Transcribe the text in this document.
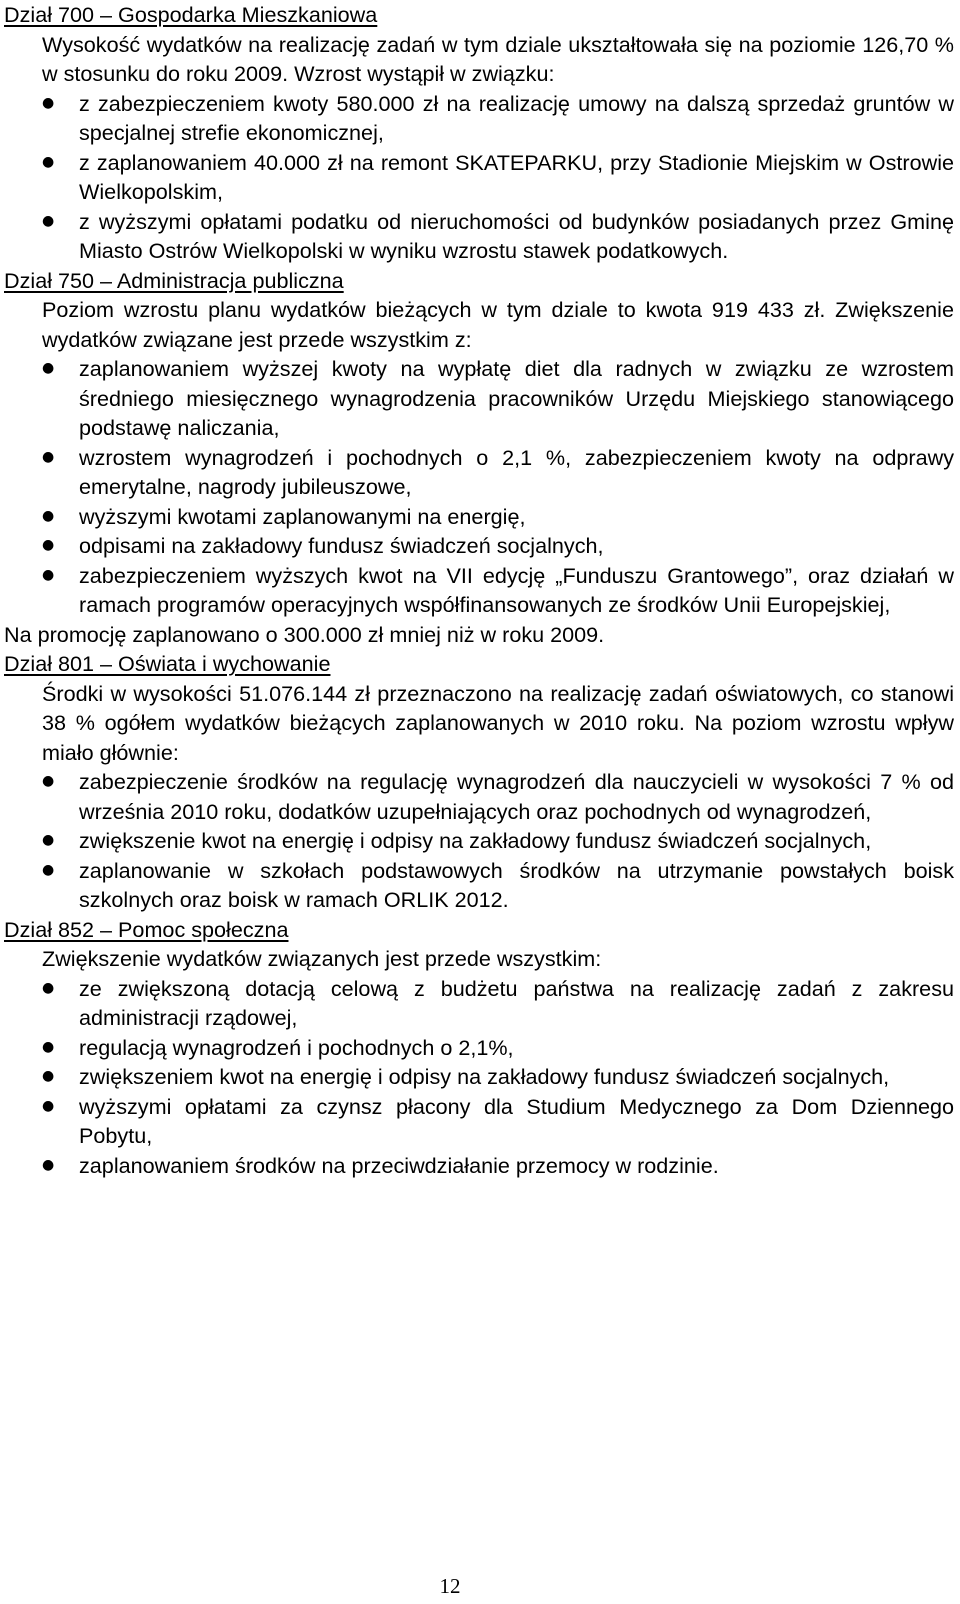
Dział 700 – Gospodarka Mieszkaniowa
Wysokość wydatków na realizację zadań w tym dziale ukształtowała się na poziomie 126,70 % w stosunku do roku 2009. Wzrost wystąpił w związku:
● z zabezpieczeniem kwoty 580.000 zł na realizację umowy na dalszą sprzedaż gruntów w specjalnej strefie ekonomicznej,
● z zaplanowaniem 40.000 zł na remont SKATEPARKU, przy Stadionie Miejskim w Ostrowie Wielkopolskim,
● z wyższymi opłatami podatku od nieruchomości od budynków posiadanych przez Gminę Miasto Ostrów Wielkopolski w wyniku wzrostu stawek podatkowych.
Dział 750 – Administracja publiczna
Poziom wzrostu planu wydatków bieżących w tym dziale to kwota 919 433 zł. Zwiększenie wydatków związane jest przede wszystkim z:
● zaplanowaniem wyższej kwoty na wypłatę diet dla radnych w związku ze wzrostem średniego miesięcznego wynagrodzenia pracowników Urzędu Miejskiego stanowiącego podstawę naliczania,
● wzrostem wynagrodzeń i pochodnych o 2,1 %, zabezpieczeniem kwoty na odprawy emerytalne, nagrody jubileuszowe,
● wyższymi kwotami zaplanowanymi na energię,
● odpisami na zakładowy fundusz świadczeń socjalnych,
● zabezpieczeniem wyższych kwot na VII edycję „Funduszu Grantowego”, oraz działań w ramach programów operacyjnych współfinansowanych ze środków Unii Europejskiej,
Na promocję zaplanowano o 300.000 zł mniej niż w roku 2009.
Dział 801 – Oświata i wychowanie
Środki w wysokości 51.076.144 zł przeznaczono na realizację zadań oświatowych, co stanowi 38 % ogółem wydatków bieżących zaplanowanych w 2010 roku. Na poziom wzrostu wpływ miało głównie:
● zabezpieczenie środków na regulację wynagrodzeń dla nauczycieli w wysokości 7 % od września 2010 roku, dodatków uzupełniających oraz pochodnych od wynagrodzeń,
● zwiększenie kwot na energię i odpisy na zakładowy fundusz świadczeń socjalnych,
● zaplanowanie w szkołach podstawowych środków na utrzymanie powstałych boisk szkolnych oraz boisk w ramach ORLIK 2012.
Dział 852 – Pomoc społeczna
Zwiększenie wydatków związanych jest przede wszystkim:
● ze zwiększoną dotacją celową z budżetu państwa na realizację zadań z zakresu administracji rządowej,
● regulacją wynagrodzeń i pochodnych o 2,1%,
● zwiększeniem kwot na energię i odpisy na zakładowy fundusz świadczeń socjalnych,
● wyższymi opłatami za czynsz płacony dla Studium Medycznego za Dom Dziennego Pobytu,
● zaplanowaniem środków na przeciwdziałanie przemocy w rodzinie.
12
